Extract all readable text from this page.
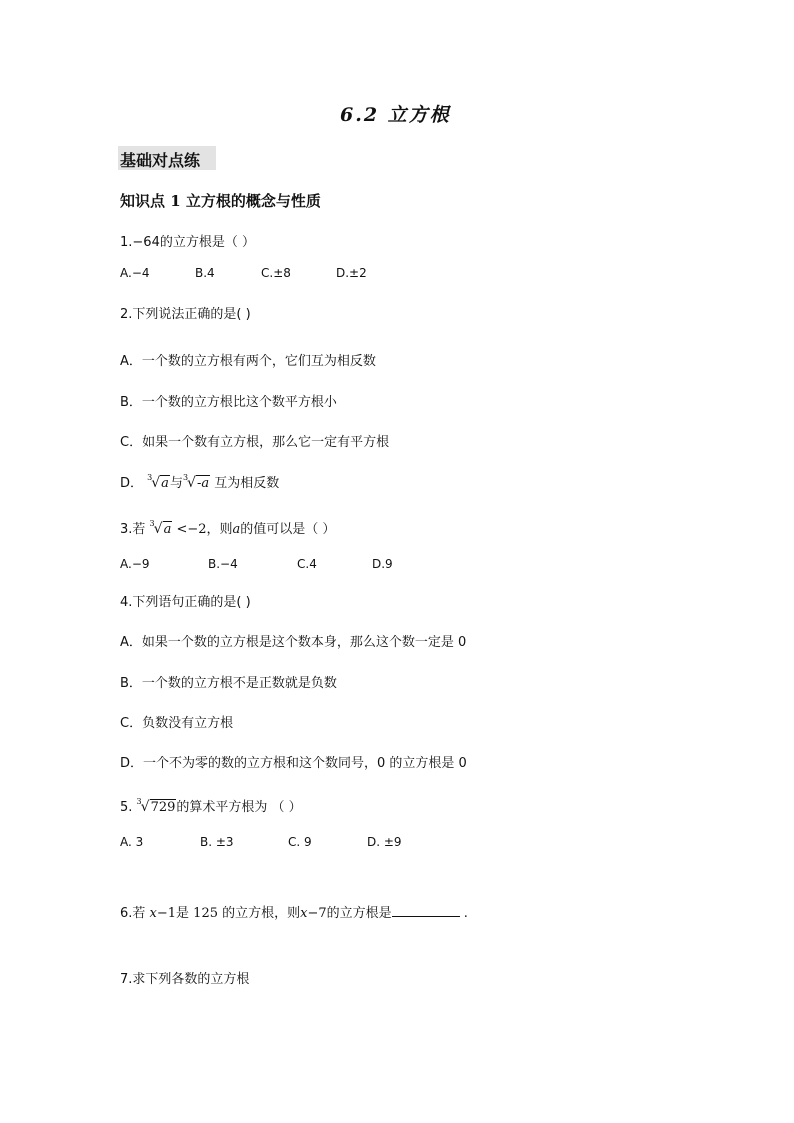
6.2 立方根
基础对点练
知识点 1 立方根的概念与性质
1.−64的立方根是（ ）
A.−4	B.4	C.±8	D.±2
2.下列说法正确的是( )
A．一个数的立方根有两个，它们互为相反数
B．一个数的立方根比这个数平方根小
C．如果一个数有立方根，那么它一定有平方根
D． $^3$√a与$^3$√-a 互为相反数
3.若 $^3$√a <−2，则a的值可以是（ ）
A.−9	B.−4	C.4	D.9
4.下列语句正确的是( )
A．如果一个数的立方根是这个数本身，那么这个数一定是 0
B．一个数的立方根不是正数就是负数
C．负数没有立方根
D．一个不为零的数的立方根和这个数同号，0 的立方根是 0
5. $^3$√729的算术平方根为 （ ）
A. 3	B. ±3	C. 9	D. ±9
6.若 x−1是 125 的立方根，则x−7的立方根是	.
7.求下列各数的立方根
